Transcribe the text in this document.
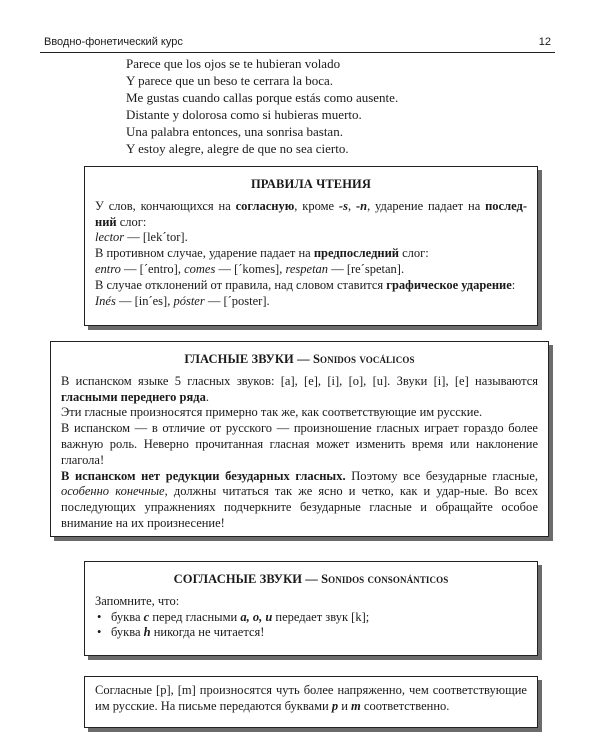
Вводно-фонетический курс	12
Parece que los ojos se te hubieran volado
Y parece que un beso te cerrara la boca.
Me gustas cuando callas porque estás como ausente.
Distante y dolorosa como si hubieras muerto.
Una palabra entonces, una sonrisa bastan.
Y estoy alegre, alegre de que no sea cierto.
ПРАВИЛА ЧТЕНИЯ

У слов, кончающихся на согласную, кроме -s, -n, ударение падает на послед-ний слог:

lector — [lek´tor].

В противном случае, ударение падает на предпоследний слог:

entro — [´entro], comes — [´komes], respetan — [re´spetan].

В случае отклонений от правила, над словом ставится графическое ударение:

Inés — [in´es], póster — [´poster].

ГЛАСНЫЕ ЗВУКИ — Sonidos vocálicos

В испанском языке 5 гласных звуков: [a], [e], [i], [o], [u]. Звуки [i], [e] называются гласными переднего ряда.

Эти гласные произносятся примерно так же, как соответствующие им русские.

В испанском — в отличие от русского — произношение гласных играет гораздо более важную роль. Неверно прочитанная гласная может изменить время или наклонение глагола!

В испанском нет редукции безударных гласных. Поэтому все безударные гласные, особенно конечные, должны читаться так же ясно и четко, как и удар-ные. Во всех последующих упражнениях подчеркните безударные гласные и обращайте особое внимание на их произнесение!

СОГЛАСНЫЕ ЗВУКИ — Sonidos consonánticos

Запомните, что:

• буква c перед гласными a, o, u передает звук [k];
• буква h никогда не читается!

Согласные [p], [m] произносятся чуть более напряженно, чем соответствующие им русские. На письме передаются буквами p и m соответственно.
